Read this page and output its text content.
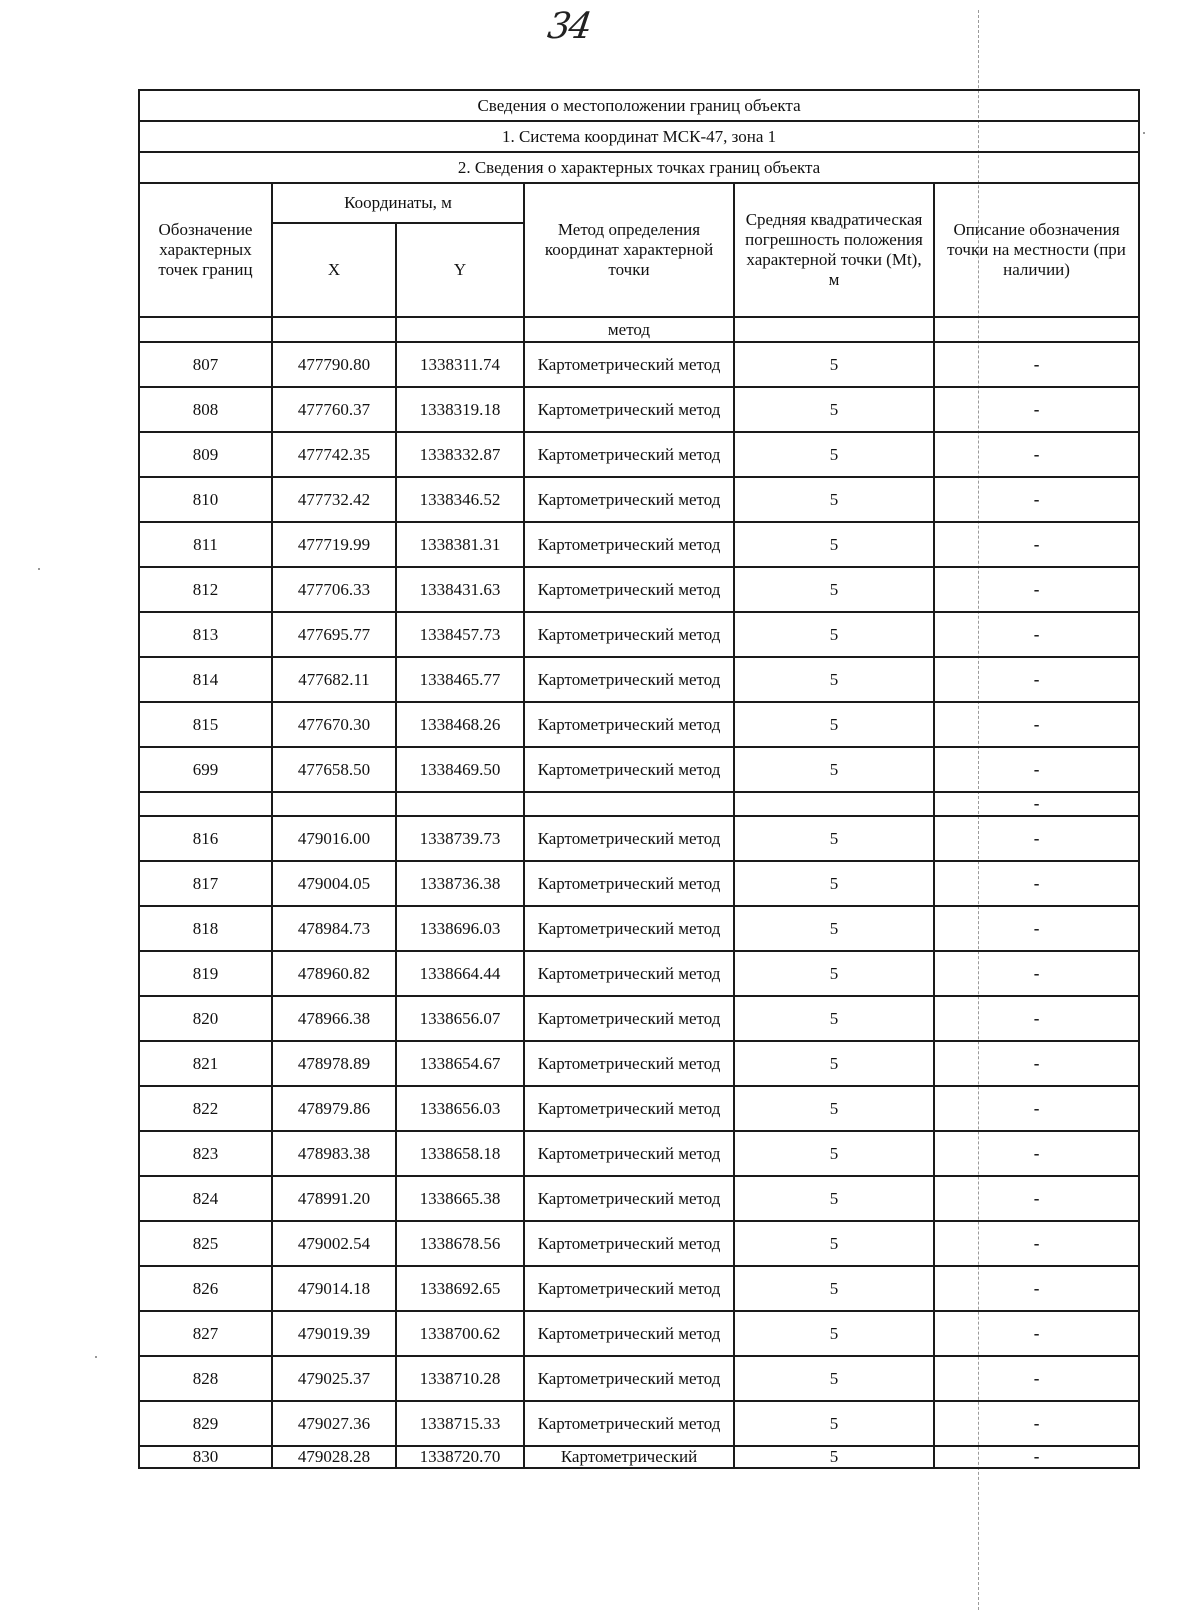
34
Сведения о местоположении границ объекта					
1. Система координат МСК-47, зона 1					
2. Сведения о характерных точках границ объекта					
Обозначение характерных точек границ	Координаты, м		Метод определения координат характерной точки	Средняя квадратическая погрешность положения характерной точки (Mt), м	Описание обозначения точки на местности (при наличии)
	X	Y			
			метод		
807	477790.80	1338311.74	Картометрический метод	5	-
808	477760.37	1338319.18	Картометрический метод	5	-
809	477742.35	1338332.87	Картометрический метод	5	-
810	477732.42	1338346.52	Картометрический метод	5	-
811	477719.99	1338381.31	Картометрический метод	5	-
812	477706.33	1338431.63	Картометрический метод	5	-
813	477695.77	1338457.73	Картометрический метод	5	-
814	477682.11	1338465.77	Картометрический метод	5	-
815	477670.30	1338468.26	Картометрический метод	5	-
699	477658.50	1338469.50	Картометрический метод	5	-
					-
816	479016.00	1338739.73	Картометрический метод	5	-
817	479004.05	1338736.38	Картометрический метод	5	-
818	478984.73	1338696.03	Картометрический метод	5	-
819	478960.82	1338664.44	Картометрический метод	5	-
820	478966.38	1338656.07	Картометрический метод	5	-
821	478978.89	1338654.67	Картометрический метод	5	-
822	478979.86	1338656.03	Картометрический метод	5	-
823	478983.38	1338658.18	Картометрический метод	5	-
824	478991.20	1338665.38	Картометрический метод	5	-
825	479002.54	1338678.56	Картометрический метод	5	-
826	479014.18	1338692.65	Картометрический метод	5	-
827	479019.39	1338700.62	Картометрический метод	5	-
828	479025.37	1338710.28	Картометрический метод	5	-
829	479027.36	1338715.33	Картометрический метод	5	-
830	479028.28	1338720.70	Картометрический	5	-
